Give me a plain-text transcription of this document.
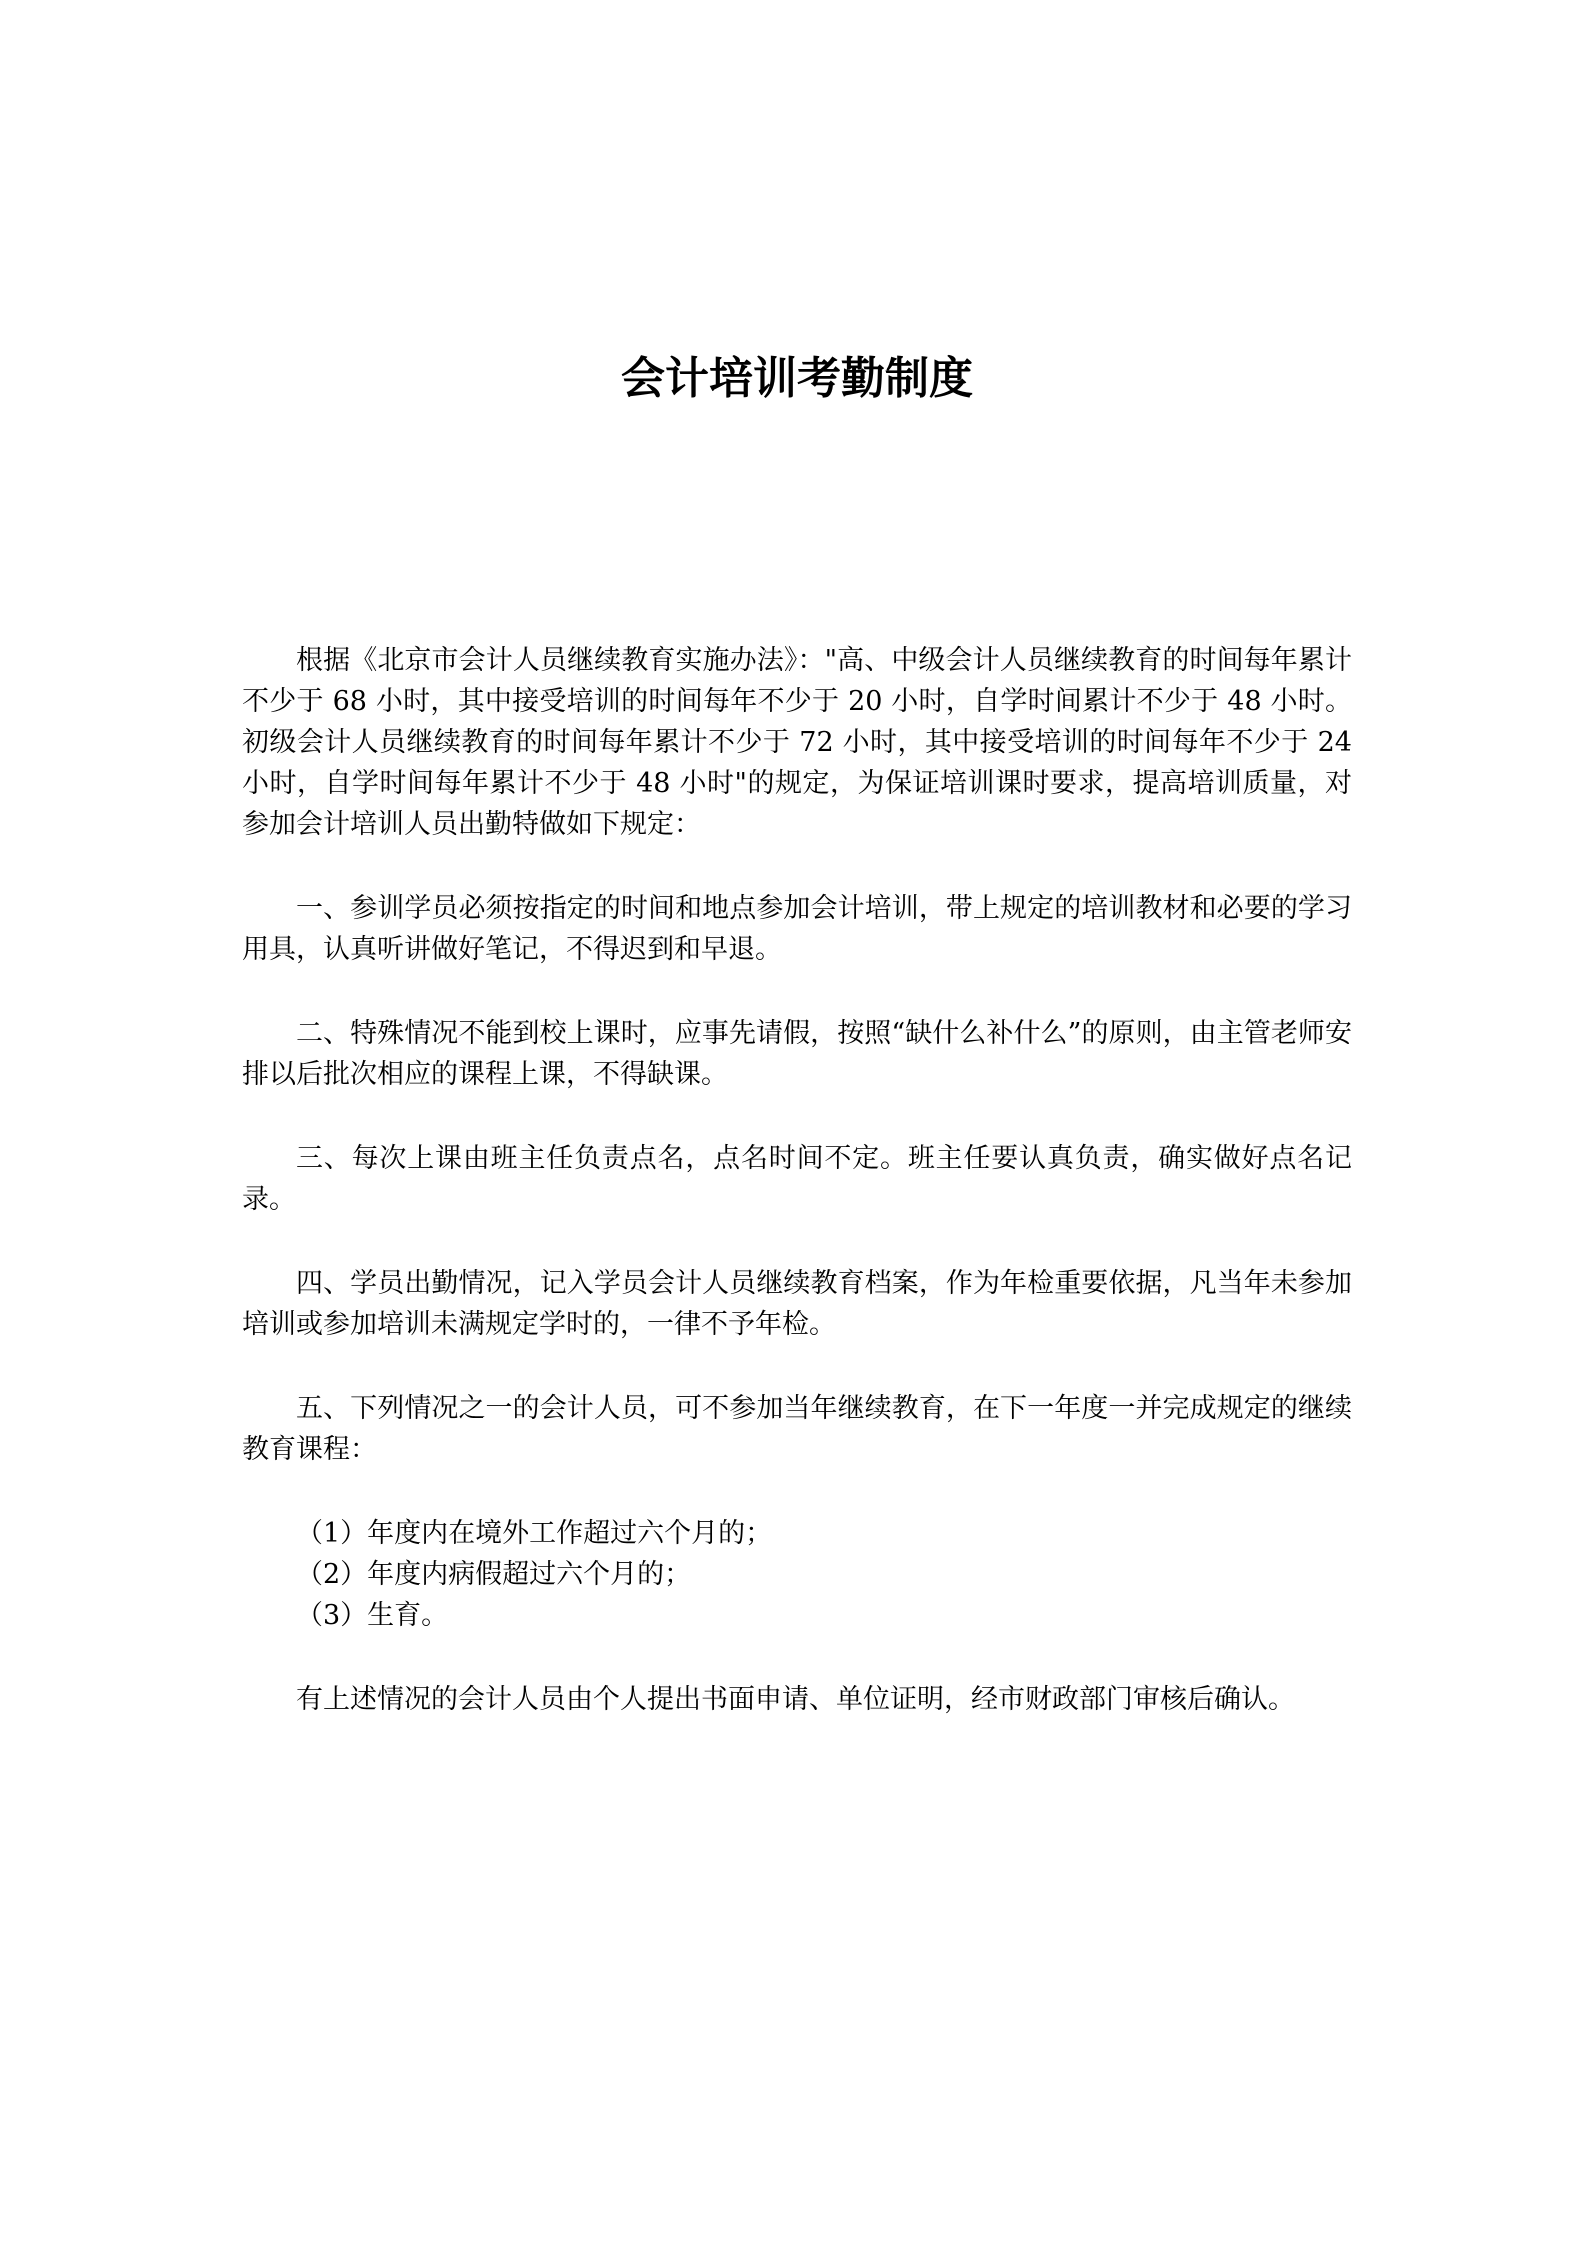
会计培训考勤制度

根据《北京市会计人员继续教育实施办法》："高、中级会计人员继续教育的时间每年累计不少于 68 小时，其中接受培训的时间每年不少于 20 小时，自学时间累计不少于 48 小时。初级会计人员继续教育的时间每年累计不少于 72 小时，其中接受培训的时间每年不少于 24 小时，自学时间每年累计不少于 48 小时"的规定，为保证培训课时要求，提高培训质量，对参加会计培训人员出勤特做如下规定：

一、参训学员必须按指定的时间和地点参加会计培训，带上规定的培训教材和必要的学习用具，认真听讲做好笔记，不得迟到和早退。

二、特殊情况不能到校上课时，应事先请假，按照“缺什么补什么”的原则，由主管老师安排以后批次相应的课程上课，不得缺课。

三、每次上课由班主任负责点名，点名时间不定。班主任要认真负责，确实做好点名记录。

四、学员出勤情况，记入学员会计人员继续教育档案，作为年检重要依据，凡当年未参加培训或参加培训未满规定学时的，一律不予年检。

五、下列情况之一的会计人员，可不参加当年继续教育，在下一年度一并完成规定的继续教育课程：

（1）年度内在境外工作超过六个月的；

（2）年度内病假超过六个月的；

（3）生育。

有上述情况的会计人员由个人提出书面申请、单位证明，经市财政部门审核后确认。
